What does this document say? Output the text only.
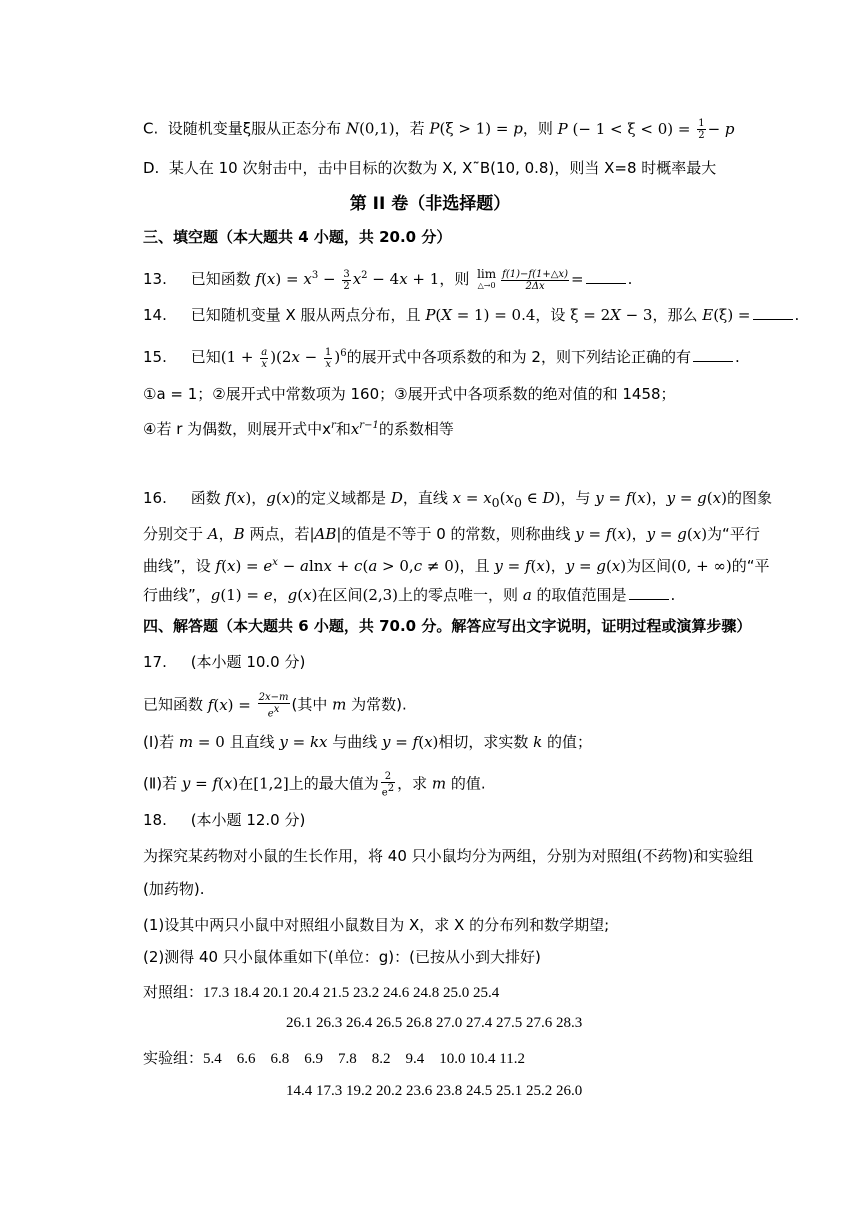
C. 设随机变量ξ服从正态分布 N(0,1)，若 P(ξ > 1) = p，则 P (− $1 < \xi < 0) = \frac{1}{2} - p$
D. 某人在 10 次射击中，击中目标的次数为 X, X˜B(10, 0.8)，则当 X=8 时概率最大
第 II 卷（非选择题）
三、填空题（本大题共 4 小题，共 20.0 分）
13. 已知函数 $f(x) = x^3 - \frac{3}{2} x^2 - 4x + 1$，则 lim
△→0 $\frac{f(1)-f(1+\triangle x)}{2\Delta x}$ =	.
14. 已知随机变量 X 服从两点分布，且 P(X = 1) = 0.4，设 ξ = 2X − 3，那么 E(ξ) =	.
15. 已知$(1 + \frac{a}{x} )(2x - \frac{1}{x} )^6$的展开式中各项系数的和为 2，则下列结论正确的有	.
①a = 1；②展开式中常数项为 160；③展开式中各项系数的绝对值的和 1458；
④若 r 为偶数，则展开式中$x^r$和$x^{r-1}$的系数相等
16.     函数 f(x)，g(x)的定义域都是 D，直线 $x = x_0(x_0$ ∈ D)，与 y = f(x)，y = g(x)的图象
分别交于 A，B 两点，若|AB|的值是不等于 0 的常数，则称曲线 y = f(x)，y = g(x)为“平行
曲线”，设 $f(x) = e^x - alnx + c(a > 0,c \ne 0)$，且 y = f(x)，y = g(x)为区间(0, + ∞)的“平
行曲线”，g(1) = e，g(x)在区间(2,3)上的零点唯一，则 a 的取值范围是	.
四、解答题（本大题共 6 小题，共 70.0 分。解答应写出文字说明，证明过程或演算步骤）
17. (本小题 10.0 分)
已知函数 $f(x) = \frac{2x-m}{e^x}$ (其中 m 为常数).
(Ⅰ)若 m = 0 且直线 y = kx 与曲线 y = f(x)相切，求实数 k 的值；
(Ⅱ)若 y = f(x)在[1,2]上的最大值为 $\frac{2}{e^2}$ ，求 m 的值.
18. (本小题 12.0 分)
为探究某药物对小鼠的生长作用，将 40 只小鼠均分为两组，分别为对照组(不药物)和实验组
(加药物).
(1)设其中两只小鼠中对照组小鼠数目为 X，求 X 的分布列和数学期望;
(2)测得 40 只小鼠体重如下(单位：g)：(已按从小到大排好)
对照组：17.3 18.4 20.1 20.4 21.5 23.2 24.6 24.8 25.0 25.4
26.1 26.3 26.4 26.5 26.8 27.0 27.4 27.5 27.6 28.3
实验组：5.4    6.6    6.8    6.9    7.8    8.2    9.4    10.0 10.4 11.2
14.4 17.3 19.2 20.2 23.6 23.8 24.5 25.1 25.2 26.0
